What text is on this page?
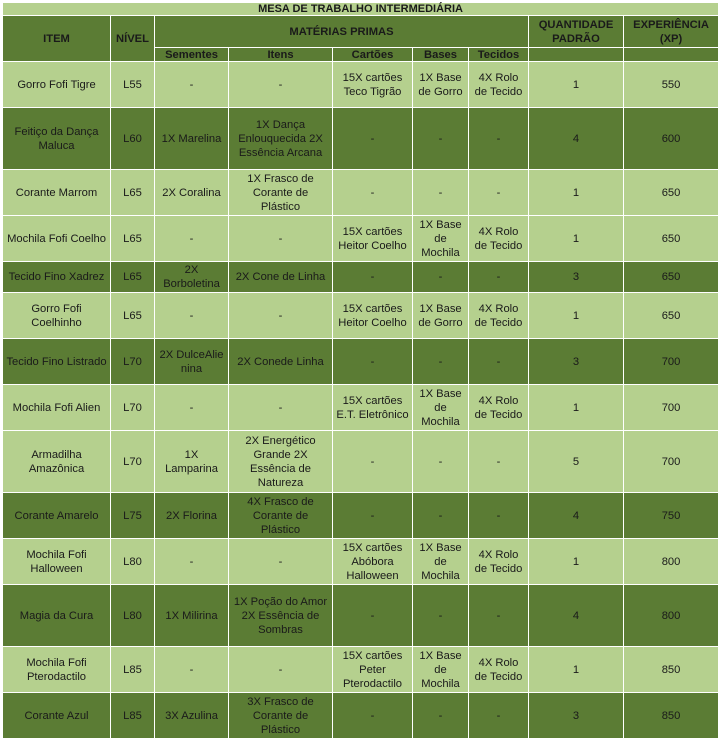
MESA DE TRABALHO INTERMEDIÁRIA								
ITEM	NÍVEL	MATÉRIAS PRIMAS					QUANTIDADE PADRÃO	EXPERIÊNCIA (XP)
		Sementes	Itens	Cartões	Bases	Tecidos		
Gorro Fofi Tigre	L55	-	-	15X cartões Teco Tigrão	1X Base de Gorro	4X Rolo de Tecido	1	550
Feitiço da Dança Maluca	L60	1X Marelina	1X Dança Enlouquecida 2X Essência Arcana	-	-	-	4	600
Corante Marrom	L65	2X Coralina	1X Frasco de Corante de Plástico	-	-	-	1	650
Mochila Fofi Coelho	L65	-	-	15X cartões Heitor Coelho	1X Base de Mochila	4X Rolo de Tecido	1	650
Tecido Fino Xadrez	L65	2X Borboletina	2X Cone de Linha	-	-	-	3	650
Gorro Fofi Coelhinho	L65	-	-	15X cartões Heitor Coelho	1X Base de Gorro	4X Rolo de Tecido	1	650
Tecido Fino Listrado	L70	2X DulceAlienina	2X Conede Linha	-	-	-	3	700
Mochila Fofi Alien	L70	-	-	15X cartões E.T. Eletrônico	1X Base de Mochila	4X Rolo de Tecido	1	700
Armadilha Amazônica	L70	1X Lamparina	2X Energético Grande 2X Essência de Natureza	-	-	-	5	700
Corante Amarelo	L75	2X Florina	4X Frasco de Corante de Plástico	-	-	-	4	750
Mochila Fofi Halloween	L80	-	-	15X cartões Abóbora Halloween	1X Base de Mochila	4X Rolo de Tecido	1	800
Magia da Cura	L80	1X Milirina	1X Poção do Amor 2X Essência de Sombras	-	-	-	4	800
Mochila Fofi Pterodactilo	L85	-	-	15X cartões Peter Pterodactilo	1X Base de Mochila	4X Rolo de Tecido	1	850
Corante Azul	L85	3X Azulina	3X Frasco de Corante de Plástico	-	-	-	3	850
